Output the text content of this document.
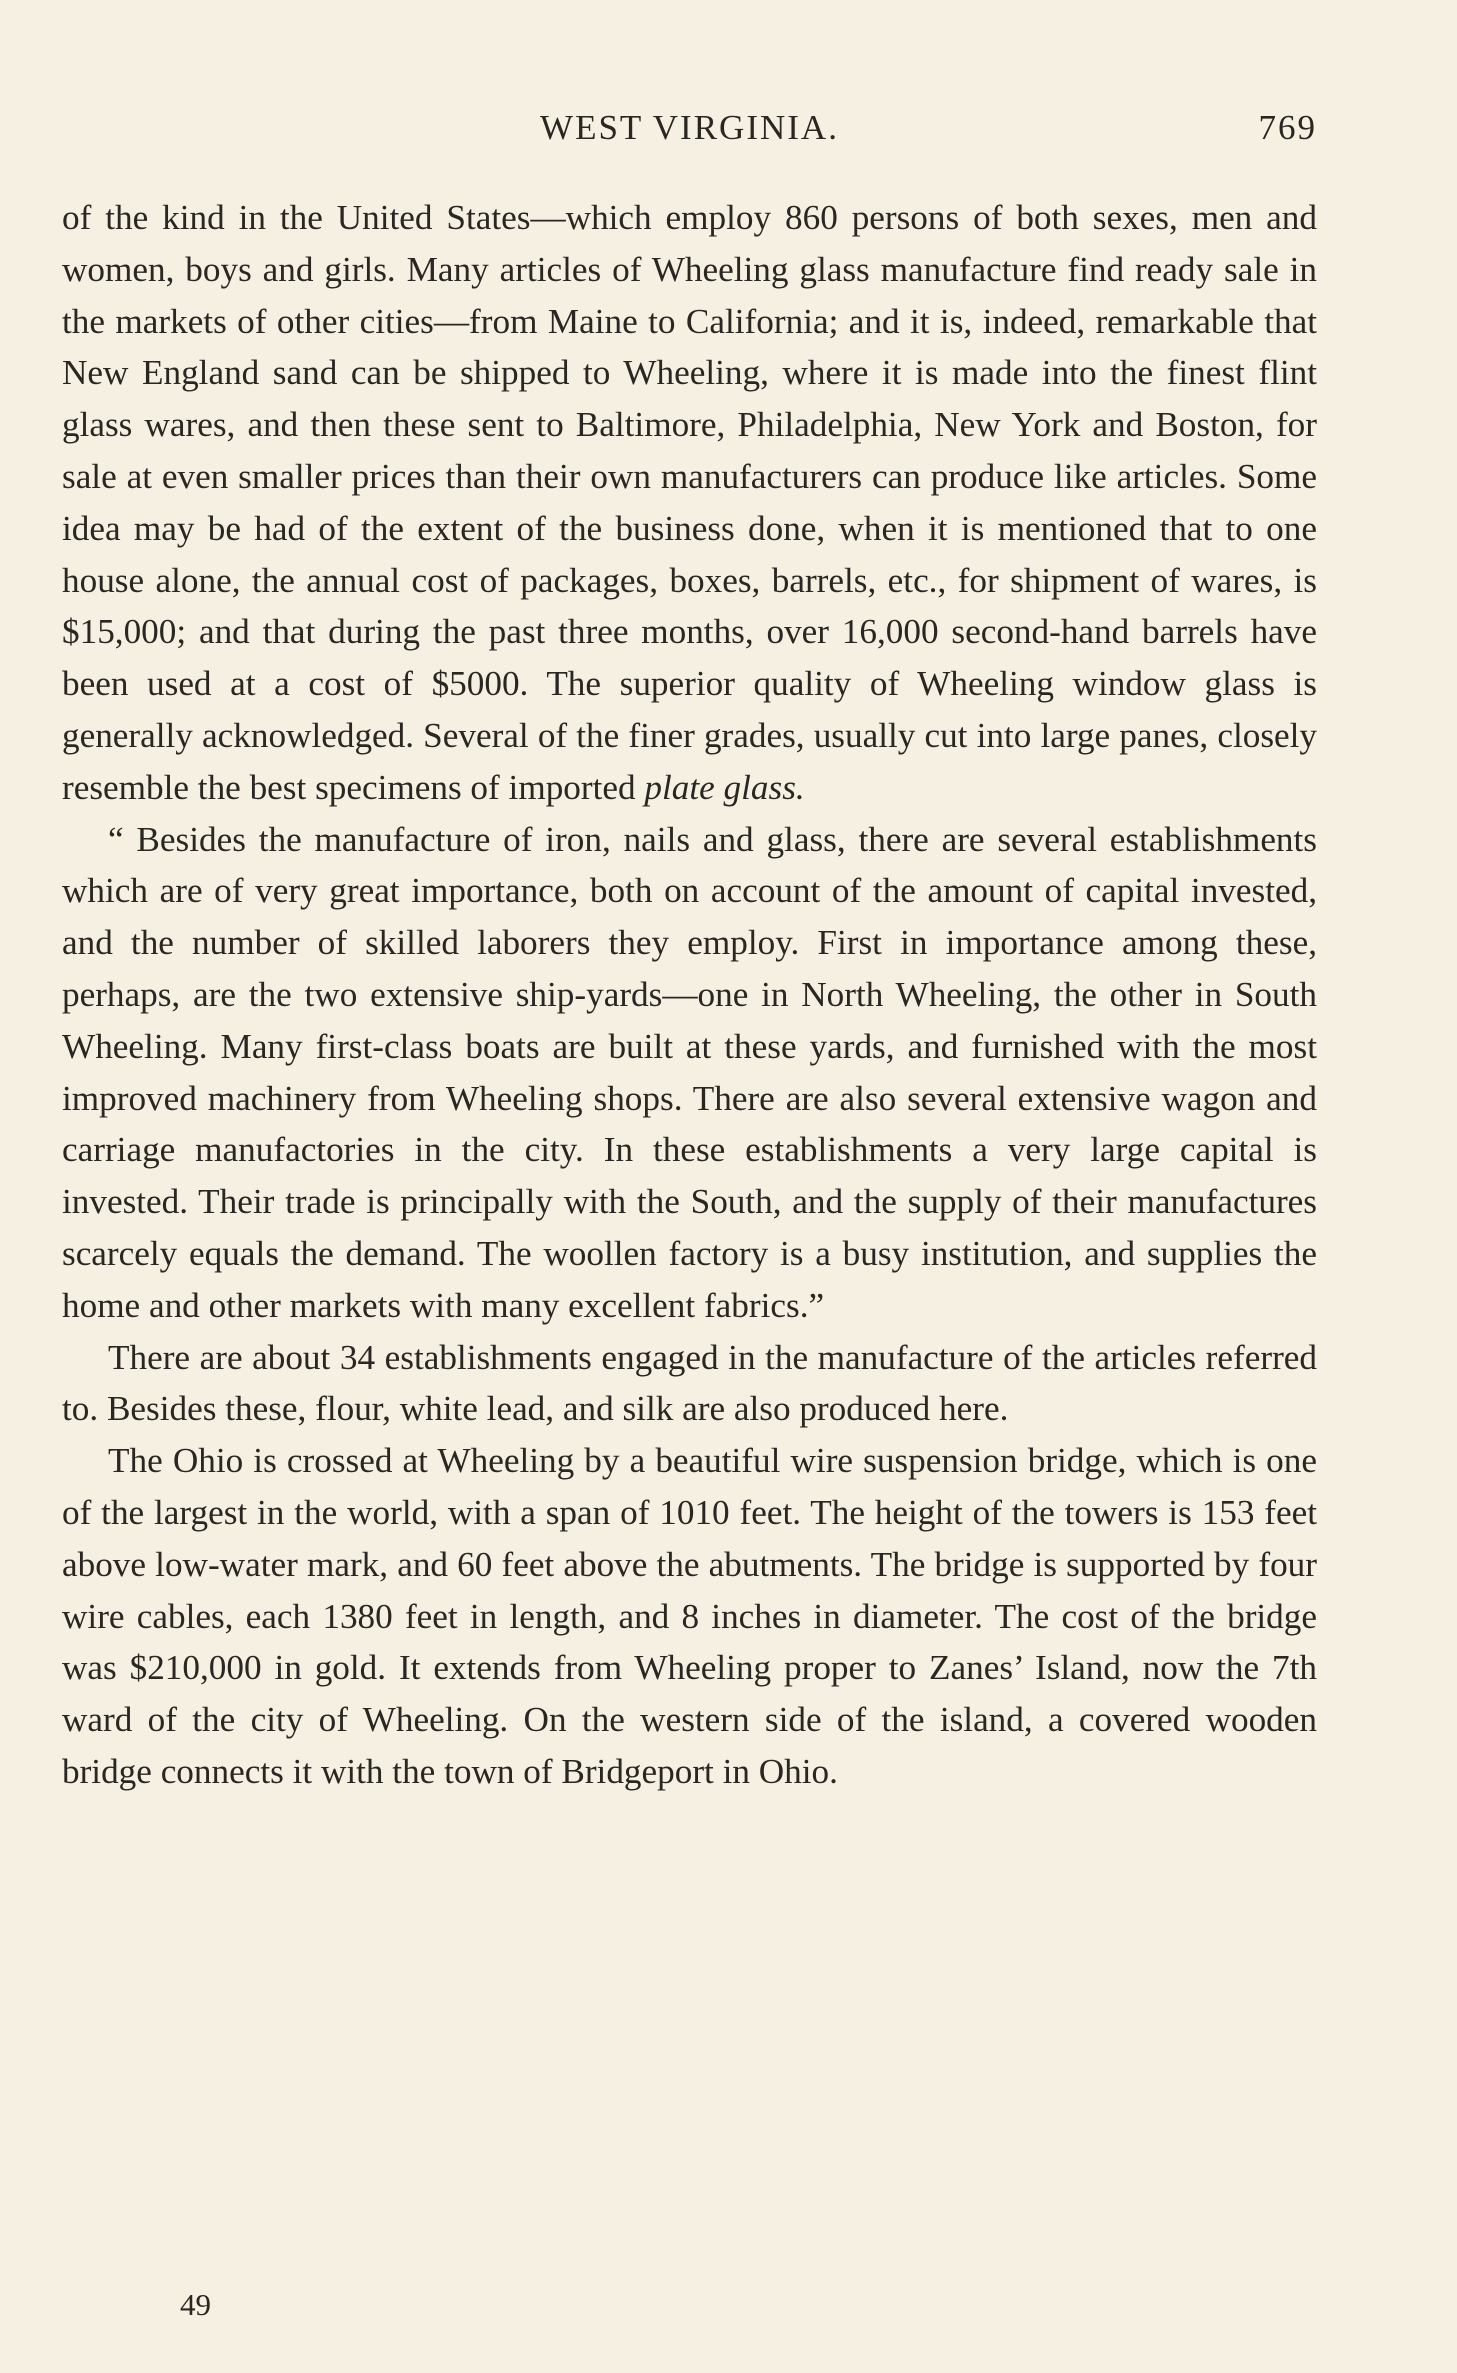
WEST VIRGINIA.	769

of the kind in the United States—which employ 860 persons of both sexes, men and women, boys and girls. Many articles of Wheeling glass manufacture find ready sale in the markets of other cities—from Maine to California; and it is, indeed, remarkable that New England sand can be shipped to Wheeling, where it is made into the finest flint glass wares, and then these sent to Baltimore, Philadelphia, New York and Boston, for sale at even smaller prices than their own manufacturers can produce like articles. Some idea may be had of the extent of the business done, when it is mentioned that to one house alone, the annual cost of packages, boxes, barrels, etc., for shipment of wares, is $15,000; and that during the past three months, over 16,000 second-hand barrels have been used at a cost of $5000. The superior quality of Wheeling window glass is generally acknowledged. Several of the finer grades, usually cut into large panes, closely resemble the best specimens of imported plate glass.

“ Besides the manufacture of iron, nails and glass, there are several establishments which are of very great importance, both on account of the amount of capital invested, and the number of skilled laborers they employ. First in importance among these, perhaps, are the two extensive ship-yards—one in North Wheeling, the other in South Wheeling. Many first-class boats are built at these yards, and furnished with the most improved machinery from Wheeling shops. There are also several extensive wagon and carriage manufactories in the city. In these establishments a very large capital is invested. Their trade is principally with the South, and the supply of their manufactures scarcely equals the demand. The woollen factory is a busy institution, and supplies the home and other markets with many excellent fabrics.”

There are about 34 establishments engaged in the manufacture of the articles referred to. Besides these, flour, white lead, and silk are also produced here.

The Ohio is crossed at Wheeling by a beautiful wire suspension bridge, which is one of the largest in the world, with a span of 1010 feet. The height of the towers is 153 feet above low-water mark, and 60 feet above the abutments. The bridge is supported by four wire cables, each 1380 feet in length, and 8 inches in diameter. The cost of the bridge was $210,000 in gold. It extends from Wheeling proper to Zanes’ Island, now the 7th ward of the city of Wheeling. On the western side of the island, a covered wooden bridge connects it with the town of Bridgeport in Ohio.

49
